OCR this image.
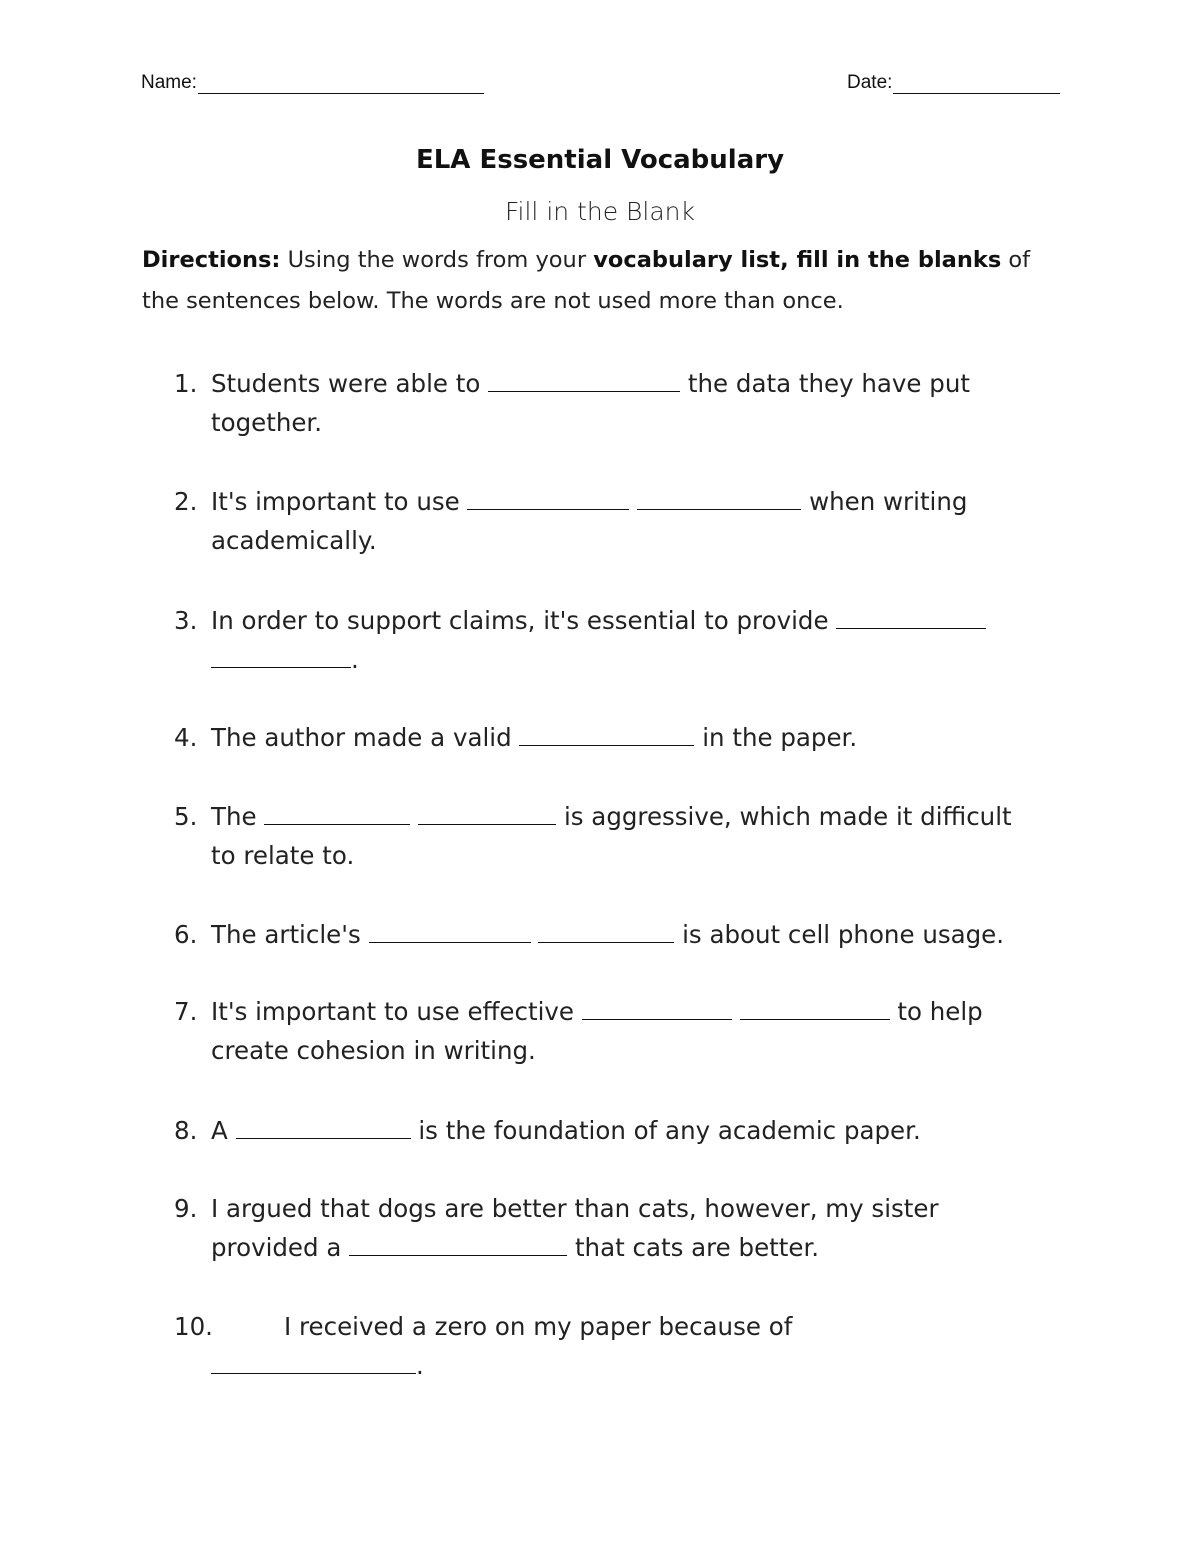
Name:	Date:
ELA Essential Vocabulary
Fill in the Blank
Directions: Using the words from your vocabulary list, fill in the blanks of the sentences below. The words are not used more than once.
1. Students were able to	the data they have put
together.
2. It's important to use	when writing
academically.
3. In order to support claims, it's essential to provide
.
4. The author made a valid	in the paper.
5. The	is aggressive, which made it difficult
to relate to.
6. The article's	is about cell phone usage.
7. It's important to use effective	to help
create cohesion in writing.
8. A	is the foundation of any academic paper.
9. I argued that dogs are better than cats, however, my sister
provided a	that cats are better.
10.	I received a zero on my paper because of
.
